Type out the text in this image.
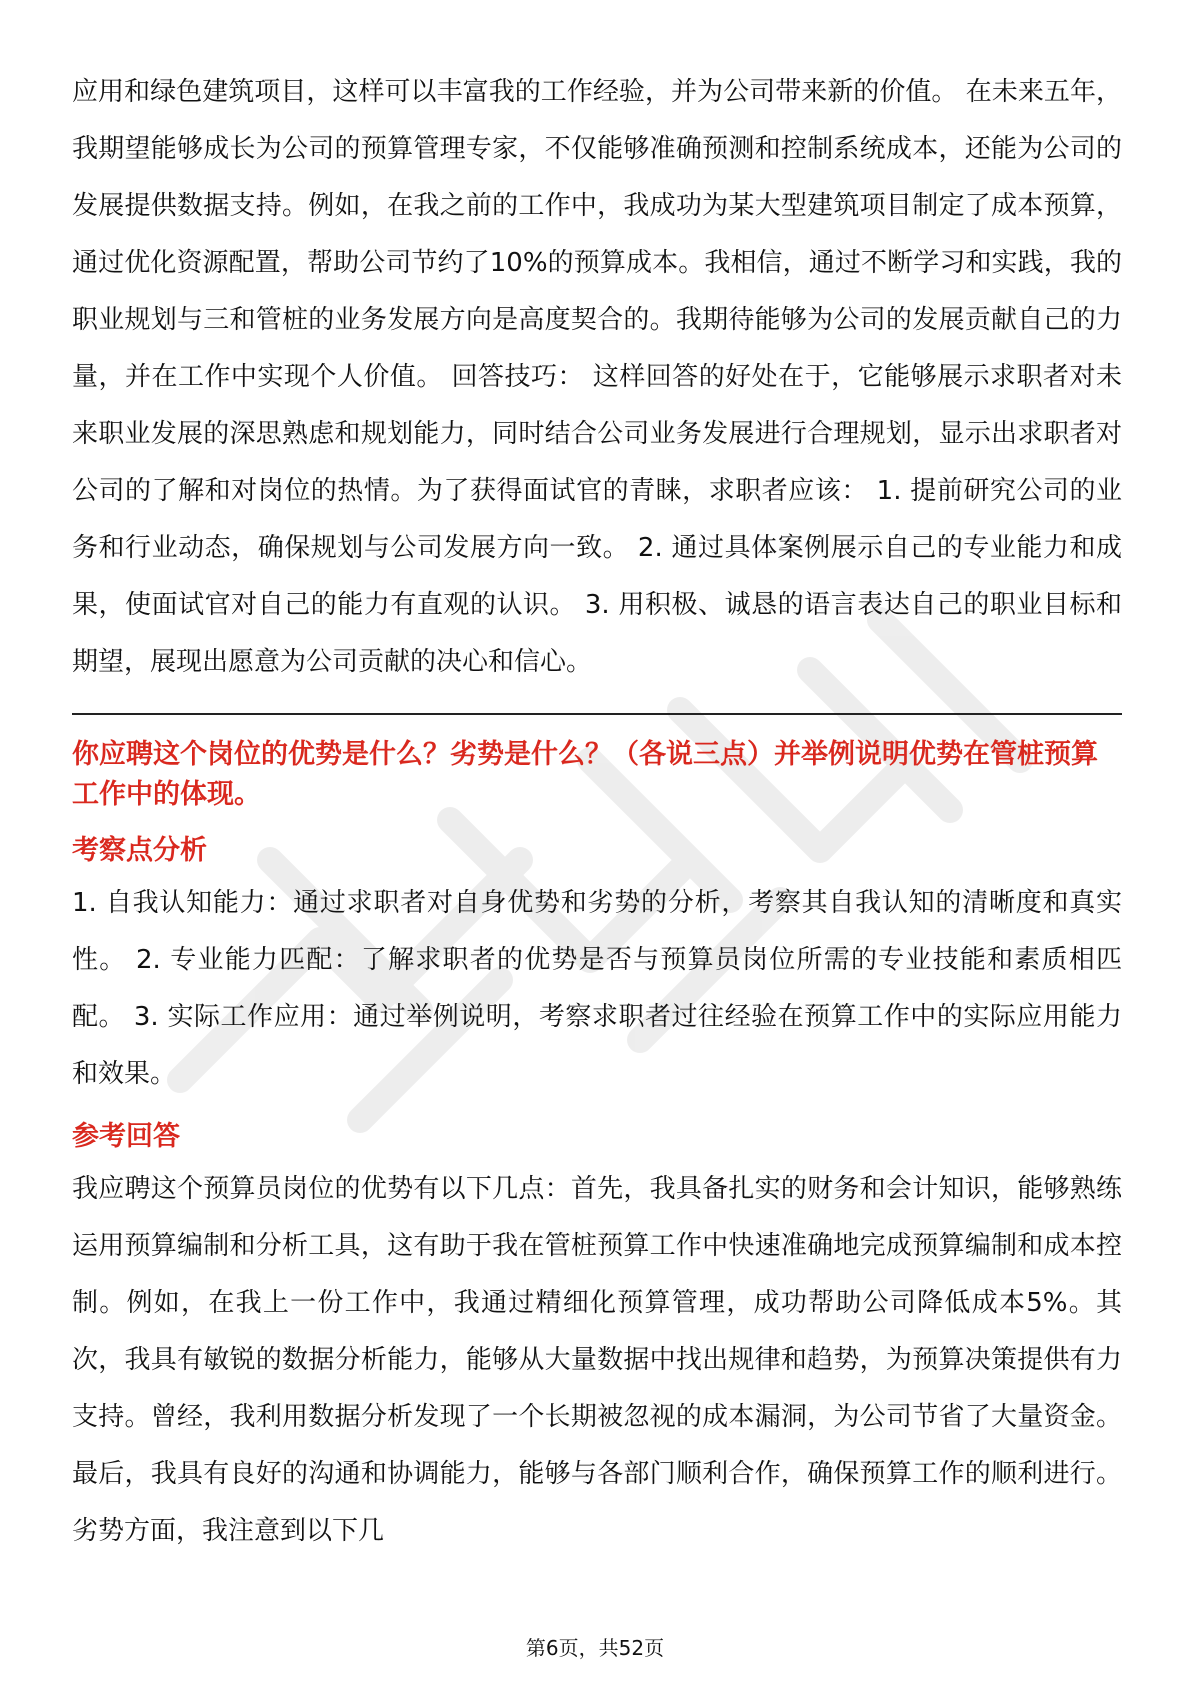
应用和绿色建筑项目，这样可以丰富我的工作经验，并为公司带来新的价值。 在未来五年，我期望能够成长为公司的预算管理专家，不仅能够准确预测和控制系统成本，还能为公司的发展提供数据支持。例如，在我之前的工作中，我成功为某大型建筑项目制定了成本预算，通过优化资源配置，帮助公司节约了10%的预算成本。我相信，通过不断学习和实践，我的职业规划与三和管桩的业务发展方向是高度契合的。我期待能够为公司的发展贡献自己的力量，并在工作中实现个人价值。 回答技巧： 这样回答的好处在于，它能够展示求职者对未来职业发展的深思熟虑和规划能力，同时结合公司业务发展进行合理规划，显示出求职者对公司的了解和对岗位的热情。为了获得面试官的青睐，求职者应该： 1. 提前研究公司的业务和行业动态，确保规划与公司发展方向一致。 2. 通过具体案例展示自己的专业能力和成果，使面试官对自己的能力有直观的认识。 3. 用积极、诚恳的语言表达自己的职业目标和期望，展现出愿意为公司贡献的决心和信心。

你应聘这个岗位的优势是什么？劣势是什么？（各说三点）并举例说明优势在管桩预算工作中的体现。

考察点分析

1. 自我认知能力：通过求职者对自身优势和劣势的分析，考察其自我认知的清晰度和真实性。 2. 专业能力匹配：了解求职者的优势是否与预算员岗位所需的专业技能和素质相匹配。 3. 实际工作应用：通过举例说明，考察求职者过往经验在预算工作中的实际应用能力和效果。

参考回答

我应聘这个预算员岗位的优势有以下几点：首先，我具备扎实的财务和会计知识，能够熟练运用预算编制和分析工具，这有助于我在管桩预算工作中快速准确地完成预算编制和成本控制。例如，在我上一份工作中，我通过精细化预算管理，成功帮助公司降低成本5%。其次，我具有敏锐的数据分析能力，能够从大量数据中找出规律和趋势，为预算决策提供有力支持。曾经，我利用数据分析发现了一个长期被忽视的成本漏洞，为公司节省了大量资金。最后，我具有良好的沟通和协调能力，能够与各部门顺利合作，确保预算工作的顺利进行。 劣势方面，我注意到以下几

第6页，共52页
